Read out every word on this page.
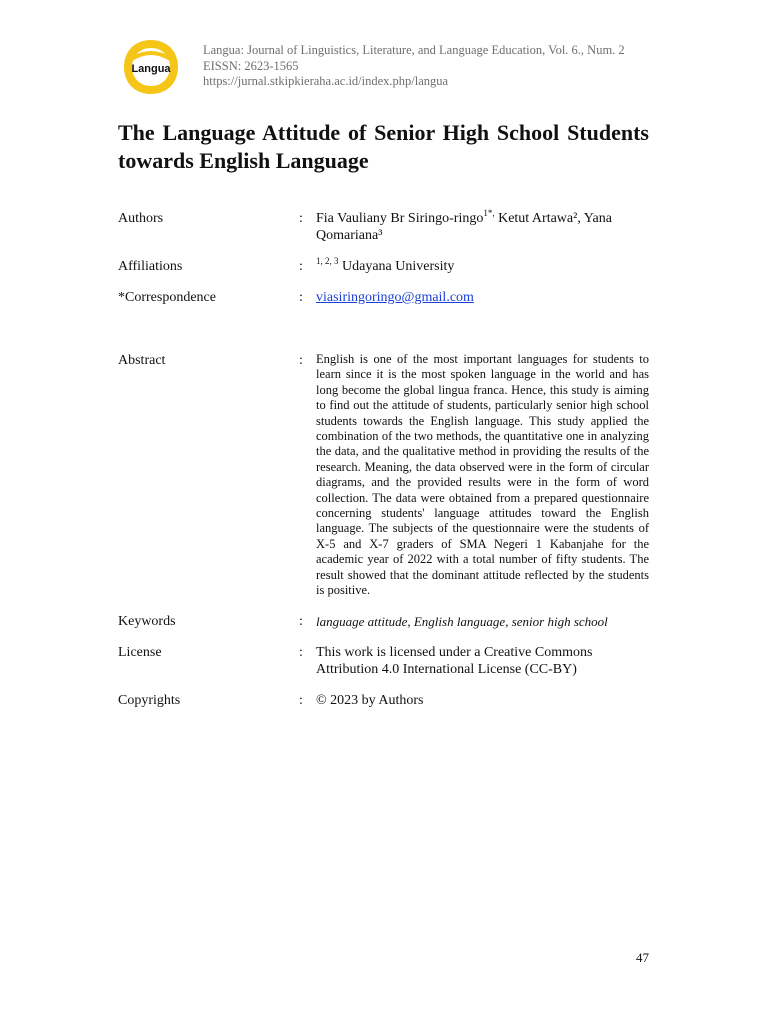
Langua
Langua: Journal of Linguistics, Literature, and Language Education, Vol. 6., Num. 2
EISSN: 2623-1565
https://jurnal.stkipkieraha.ac.id/index.php/langua
The Language Attitude of Senior High School Students towards English Language
Authors	: Fia Vauliany Br Siringo-ringo$^{1*,}$ Ketut Artawa², Yana Qomariana³
Affiliations	: $^{1, 2, 3}$ Udayana University
*Correspondence	: viasiringoringo@gmail.com
Abstract	: English is one of the most important languages for students to learn since it is the most spoken language in the world and has long become the global lingua franca. Hence, this study is aiming to find out the attitude of students, particularly senior high school students towards the English language. This study applied the combination of the two methods, the quantitative one in analyzing the data, and the qualitative method in providing the results of the research. Meaning, the data observed were in the form of circular diagrams, and the provided results were in the form of word collection. The data were obtained from a prepared questionnaire concerning students' language attitudes toward the English language. The subjects of the questionnaire were the students of X-5 and X-7 graders of SMA Negeri 1 Kabanjahe for the academic year of 2022 with a total number of fifty students. The result showed that the dominant attitude reflected by the students is positive.
Keywords	: language attitude, English language, senior high school
License	: This work is licensed under a Creative Commons Attribution 4.0 International License (CC-BY)
Copyrights	: © 2023 by Authors
47
